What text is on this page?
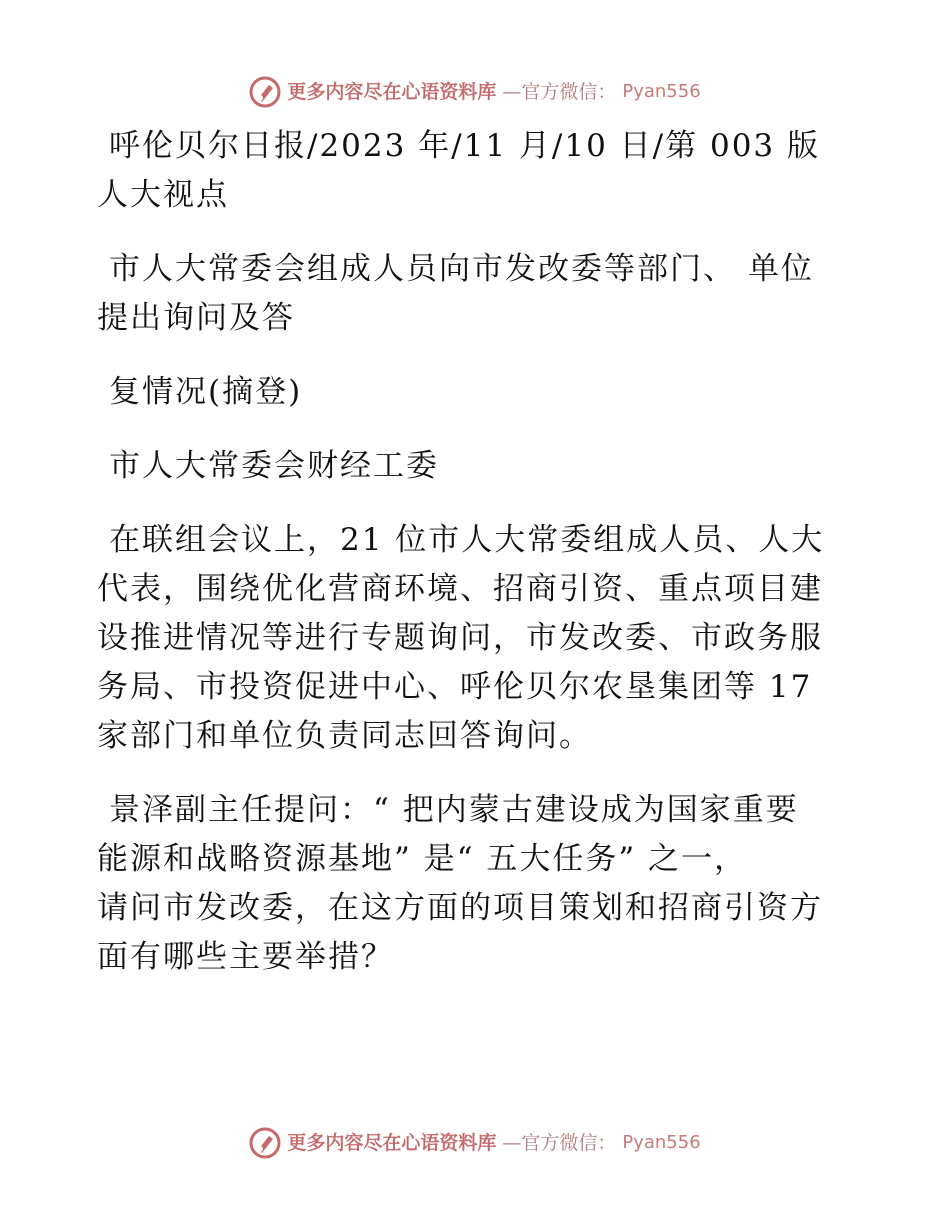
更多内容尽在心语资料库 —官方微信： Pyan556
呼伦贝尔日报/2023 年/11 月/10 日/第 003 版
人大视点
市人大常委会组成人员向市发改委等部门、 单位
提出询问及答
复情况(摘登)
市人大常委会财经工委
在联组会议上，21 位市人大常委组成人员、人大
代表，围绕优化营商环境、招商引资、重点项目建
设推进情况等进行专题询问，市发改委、市政务服
务局、市投资促进中心、呼伦贝尔农垦集团等 17
家部门和单位负责同志回答询问。
景泽副主任提问：“ 把内蒙古建设成为国家重要
能源和战略资源基地” 是“ 五大任务” 之一，
请问市发改委，在这方面的项目策划和招商引资方
面有哪些主要举措？
更多内容尽在心语资料库 —官方微信： Pyan556
